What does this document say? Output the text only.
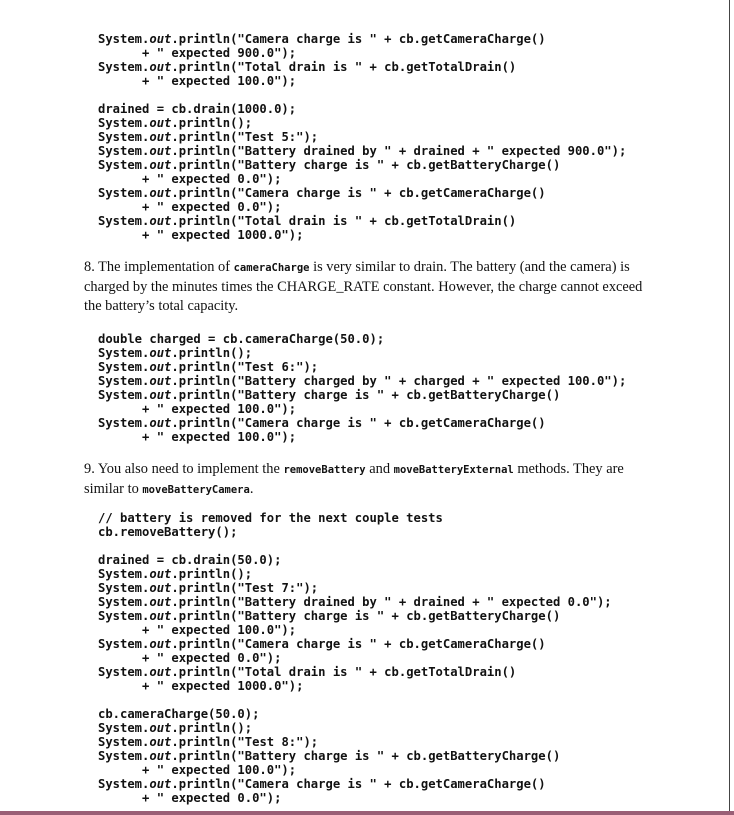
System.out.println("Camera charge is " + cb.getCameraCharge()
+ " expected 900.0");
System.out.println("Total drain is " + cb.getTotalDrain()
+ " expected 100.0");
drained = cb.drain(1000.0);
System.out.println();
System.out.println("Test 5:");
System.out.println("Battery drained by " + drained + " expected 900.0");
System.out.println("Battery charge is " + cb.getBatteryCharge()
+ " expected 0.0");
System.out.println("Camera charge is " + cb.getCameraCharge()
+ " expected 0.0");
System.out.println("Total drain is " + cb.getTotalDrain()
+ " expected 1000.0");

8. The implementation of cameraCharge is very similar to drain. The battery (and the camera) is charged by the minutes times the CHARGE_RATE constant. However, the charge cannot exceed the battery’s total capacity.

double charged = cb.cameraCharge(50.0);
System.out.println();
System.out.println("Test 6:");
System.out.println("Battery charged by " + charged + " expected 100.0");
System.out.println("Battery charge is " + cb.getBatteryCharge()
+ " expected 100.0");
System.out.println("Camera charge is " + cb.getCameraCharge()
+ " expected 100.0");

9. You also need to implement the removeBattery and moveBatteryExternal methods. They are similar to moveBatteryCamera.

// battery is removed for the next couple tests
cb.removeBattery();
drained = cb.drain(50.0);
System.out.println();
System.out.println("Test 7:");
System.out.println("Battery drained by " + drained + " expected 0.0");
System.out.println("Battery charge is " + cb.getBatteryCharge()
+ " expected 100.0");
System.out.println("Camera charge is " + cb.getCameraCharge()
+ " expected 0.0");
System.out.println("Total drain is " + cb.getTotalDrain()
+ " expected 1000.0");
cb.cameraCharge(50.0);
System.out.println();
System.out.println("Test 8:");
System.out.println("Battery charge is " + cb.getBatteryCharge()
+ " expected 100.0");
System.out.println("Camera charge is " + cb.getCameraCharge()
+ " expected 0.0");
